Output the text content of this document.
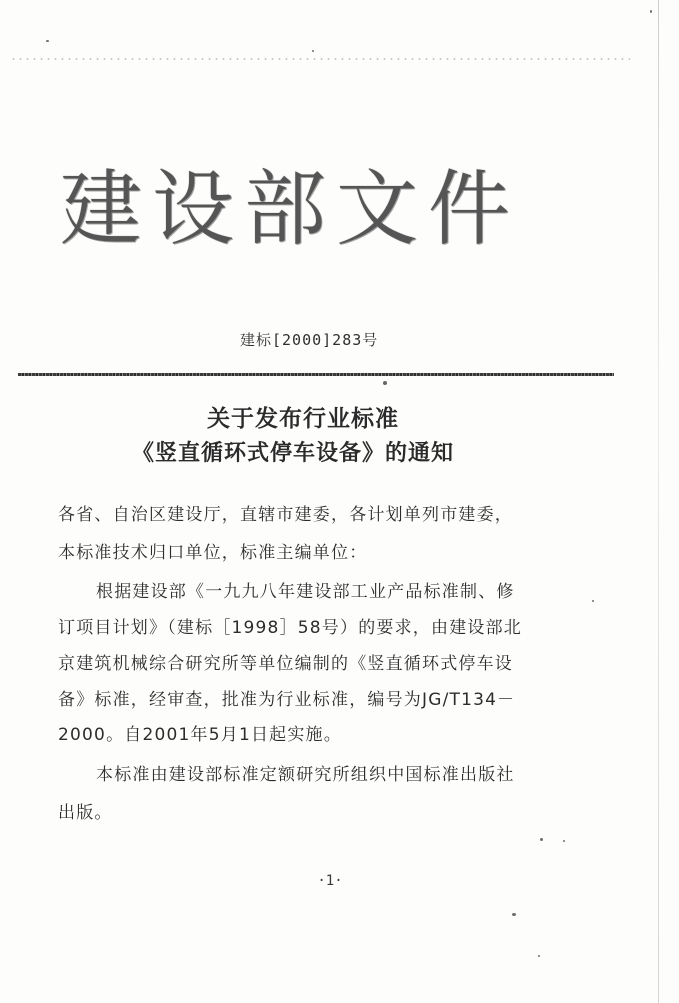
建设部文件
建标[2000]283号
关于发布行业标准
《竖直循环式停车设备》的通知
各省、自治区建设厅，直辖市建委，各计划单列市建委，
本标准技术归口单位，标准主编单位：
根据建设部《一九九八年建设部工业产品标准制、修
订项目计划》（建标［1998］58号）的要求，由建设部北
京建筑机械综合研究所等单位编制的《竖直循环式停车设
备》标准，经审查，批准为行业标准，编号为JG/T134－
2000。自2001年5月1日起实施。
本标准由建设部标准定额研究所组织中国标准出版社
出版。
·1·
